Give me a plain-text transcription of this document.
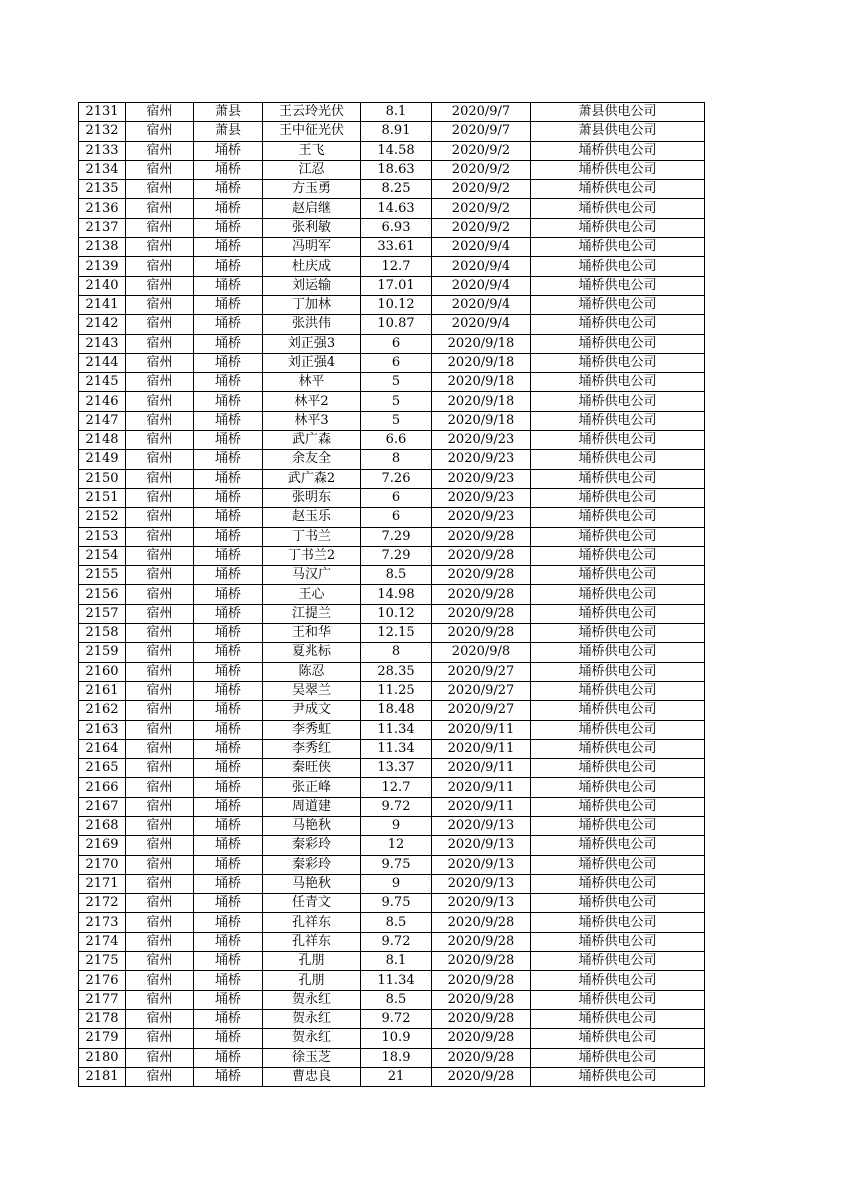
2131	宿州	萧县	王云玲光伏	8.1	2020/9/7	萧县供电公司
2132	宿州	萧县	王中征光伏	8.91	2020/9/7	萧县供电公司
2133	宿州	埇桥	王飞	14.58	2020/9/2	埇桥供电公司
2134	宿州	埇桥	江忍	18.63	2020/9/2	埇桥供电公司
2135	宿州	埇桥	方玉勇	8.25	2020/9/2	埇桥供电公司
2136	宿州	埇桥	赵启继	14.63	2020/9/2	埇桥供电公司
2137	宿州	埇桥	张利敏	6.93	2020/9/2	埇桥供电公司
2138	宿州	埇桥	冯明军	33.61	2020/9/4	埇桥供电公司
2139	宿州	埇桥	杜庆成	12.7	2020/9/4	埇桥供电公司
2140	宿州	埇桥	刘运输	17.01	2020/9/4	埇桥供电公司
2141	宿州	埇桥	丁加林	10.12	2020/9/4	埇桥供电公司
2142	宿州	埇桥	张洪伟	10.87	2020/9/4	埇桥供电公司
2143	宿州	埇桥	刘正强3	6	2020/9/18	埇桥供电公司
2144	宿州	埇桥	刘正强4	6	2020/9/18	埇桥供电公司
2145	宿州	埇桥	林平	5	2020/9/18	埇桥供电公司
2146	宿州	埇桥	林平2	5	2020/9/18	埇桥供电公司
2147	宿州	埇桥	林平3	5	2020/9/18	埇桥供电公司
2148	宿州	埇桥	武广森	6.6	2020/9/23	埇桥供电公司
2149	宿州	埇桥	余友全	8	2020/9/23	埇桥供电公司
2150	宿州	埇桥	武广森2	7.26	2020/9/23	埇桥供电公司
2151	宿州	埇桥	张明东	6	2020/9/23	埇桥供电公司
2152	宿州	埇桥	赵玉乐	6	2020/9/23	埇桥供电公司
2153	宿州	埇桥	丁书兰	7.29	2020/9/28	埇桥供电公司
2154	宿州	埇桥	丁书兰2	7.29	2020/9/28	埇桥供电公司
2155	宿州	埇桥	马汉广	8.5	2020/9/28	埇桥供电公司
2156	宿州	埇桥	王心	14.98	2020/9/28	埇桥供电公司
2157	宿州	埇桥	江提兰	10.12	2020/9/28	埇桥供电公司
2158	宿州	埇桥	王和华	12.15	2020/9/28	埇桥供电公司
2159	宿州	埇桥	夏兆标	8	2020/9/8	埇桥供电公司
2160	宿州	埇桥	陈忍	28.35	2020/9/27	埇桥供电公司
2161	宿州	埇桥	吴翠兰	11.25	2020/9/27	埇桥供电公司
2162	宿州	埇桥	尹成文	18.48	2020/9/27	埇桥供电公司
2163	宿州	埇桥	李秀虹	11.34	2020/9/11	埇桥供电公司
2164	宿州	埇桥	李秀红	11.34	2020/9/11	埇桥供电公司
2165	宿州	埇桥	秦旺侠	13.37	2020/9/11	埇桥供电公司
2166	宿州	埇桥	张正峰	12.7	2020/9/11	埇桥供电公司
2167	宿州	埇桥	周道建	9.72	2020/9/11	埇桥供电公司
2168	宿州	埇桥	马艳秋	9	2020/9/13	埇桥供电公司
2169	宿州	埇桥	秦彩玲	12	2020/9/13	埇桥供电公司
2170	宿州	埇桥	秦彩玲	9.75	2020/9/13	埇桥供电公司
2171	宿州	埇桥	马艳秋	9	2020/9/13	埇桥供电公司
2172	宿州	埇桥	任青文	9.75	2020/9/13	埇桥供电公司
2173	宿州	埇桥	孔祥东	8.5	2020/9/28	埇桥供电公司
2174	宿州	埇桥	孔祥东	9.72	2020/9/28	埇桥供电公司
2175	宿州	埇桥	孔朋	8.1	2020/9/28	埇桥供电公司
2176	宿州	埇桥	孔朋	11.34	2020/9/28	埇桥供电公司
2177	宿州	埇桥	贺永红	8.5	2020/9/28	埇桥供电公司
2178	宿州	埇桥	贺永红	9.72	2020/9/28	埇桥供电公司
2179	宿州	埇桥	贺永红	10.9	2020/9/28	埇桥供电公司
2180	宿州	埇桥	徐玉芝	18.9	2020/9/28	埇桥供电公司
2181	宿州	埇桥	曹忠良	21	2020/9/28	埇桥供电公司
